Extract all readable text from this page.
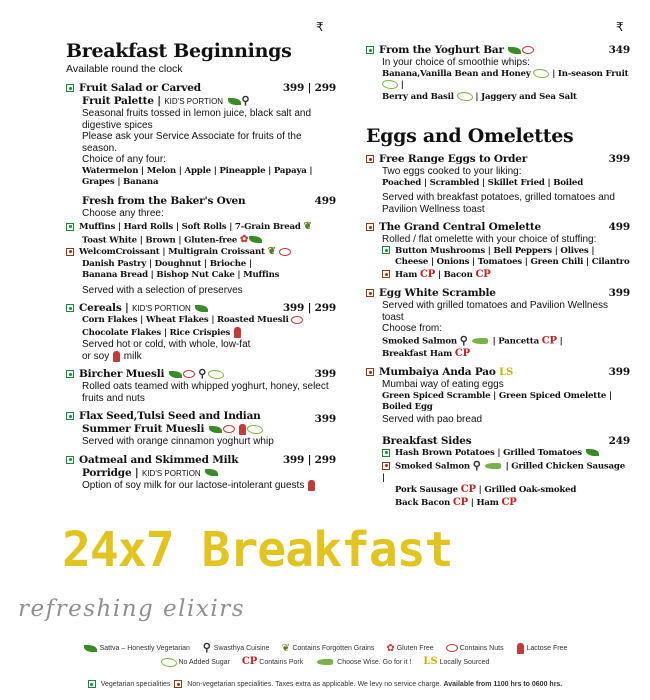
₹	₹
Breakfast Beginnings
Available round the clock
Fruit Salad or Carved
Fruit Palette | KID'S PORTION ⚲
399 | 299
Seasonal fruits tossed in lemon juice, black salt and digestive spices
Please ask your Service Associate for fruits of the season.
Choice of any four:
Watermelon | Melon | Apple | Pineapple | Papaya |
Grapes | Banana
Fresh from the Baker's Oven	499
Choose any three:
Muffins | Hard Rolls | Soft Rolls | 7-Grain Bread ❦
Toast White | Brown | Gluten-free ✿
WelcomCroissant | Multigrain Croissant ❦
Danish Pastry | Doughnut | Brioche |
Banana Bread | Bishop Nut Cake | Muffins
Served with a selection of preserves
Cereals | KID'S PORTION	399 | 299
Corn Flakes | Wheat Flakes | Roasted Muesli
Chocolate Flakes | Rice Crispies
Served hot or cold, with whole, low-fat
or soy milk
Bircher Muesli	⚲	399
Rolled oats teamed with whipped yoghurt, honey, select fruits and nuts
Flax Seed,Tulsi Seed and Indian
Summer Fruit Muesli
399
Served with orange cinnamon yoghurt whip
Oatmeal and Skimmed Milk
Porridge | KID'S PORTION
399 | 299
Option of soy milk for our lactose-intolerant guests
From the Yoghurt Bar	349
In your choice of smoothie whips:
Banana,Vanilla Bean and Honey	| In-season Fruit  |
Berry and Basil	| Jaggery and Sea Salt
Eggs and Omelettes
Free Range Eggs to Order	399
Two eggs cooked to your liking:
Poached | Scrambled | Skillet Fried | Boiled
Served with breakfast potatoes, grilled tomatoes and Pavilion Wellness toast
The Grand Central Omelette	499
Rolled / flat omelette with your choice of stuffing:
Button Mushrooms | Bell Peppers | Olives |
Cheese | Onions | Tomatoes | Green Chili | Cilantro
Ham CP | Bacon CP
Egg White Scramble	399
Served with grilled tomatoes and Pavilion Wellness toast
Choose from:
Smoked Salmon ⚲	| Pancetta CP |
Breakfast Ham CP
Mumbaiya Anda Pao LS	399
Mumbai way of eating eggs
Green Spiced Scramble | Green Spiced Omelette | Boiled Egg
Served with pao bread
Breakfast Sides	249
Hash Brown Potatoes | Grilled Tomatoes
Smoked Salmon ⚲	| Grilled Chicken Sausage |
Pork Sausage CP | Grilled Oak-smoked
Back Bacon CP | Ham CP
24x7 Breakfast
refreshing elixirs
Sattva – Honestly Vegetarian ⚲ Swasthya Cuisine ❦ Contains Forgotten Grains ✿ Gluten Free	Contains Nuts	Lactose Free
No Added Sugar CP Contains Pork	Choose Wise. Go for it ! LS Locally Sourced
Vegetarian specialities Non-vegetarian specialities. Taxes extra as applicable. We levy no service charge. Available from 1100 hrs to 0600 hrs.
